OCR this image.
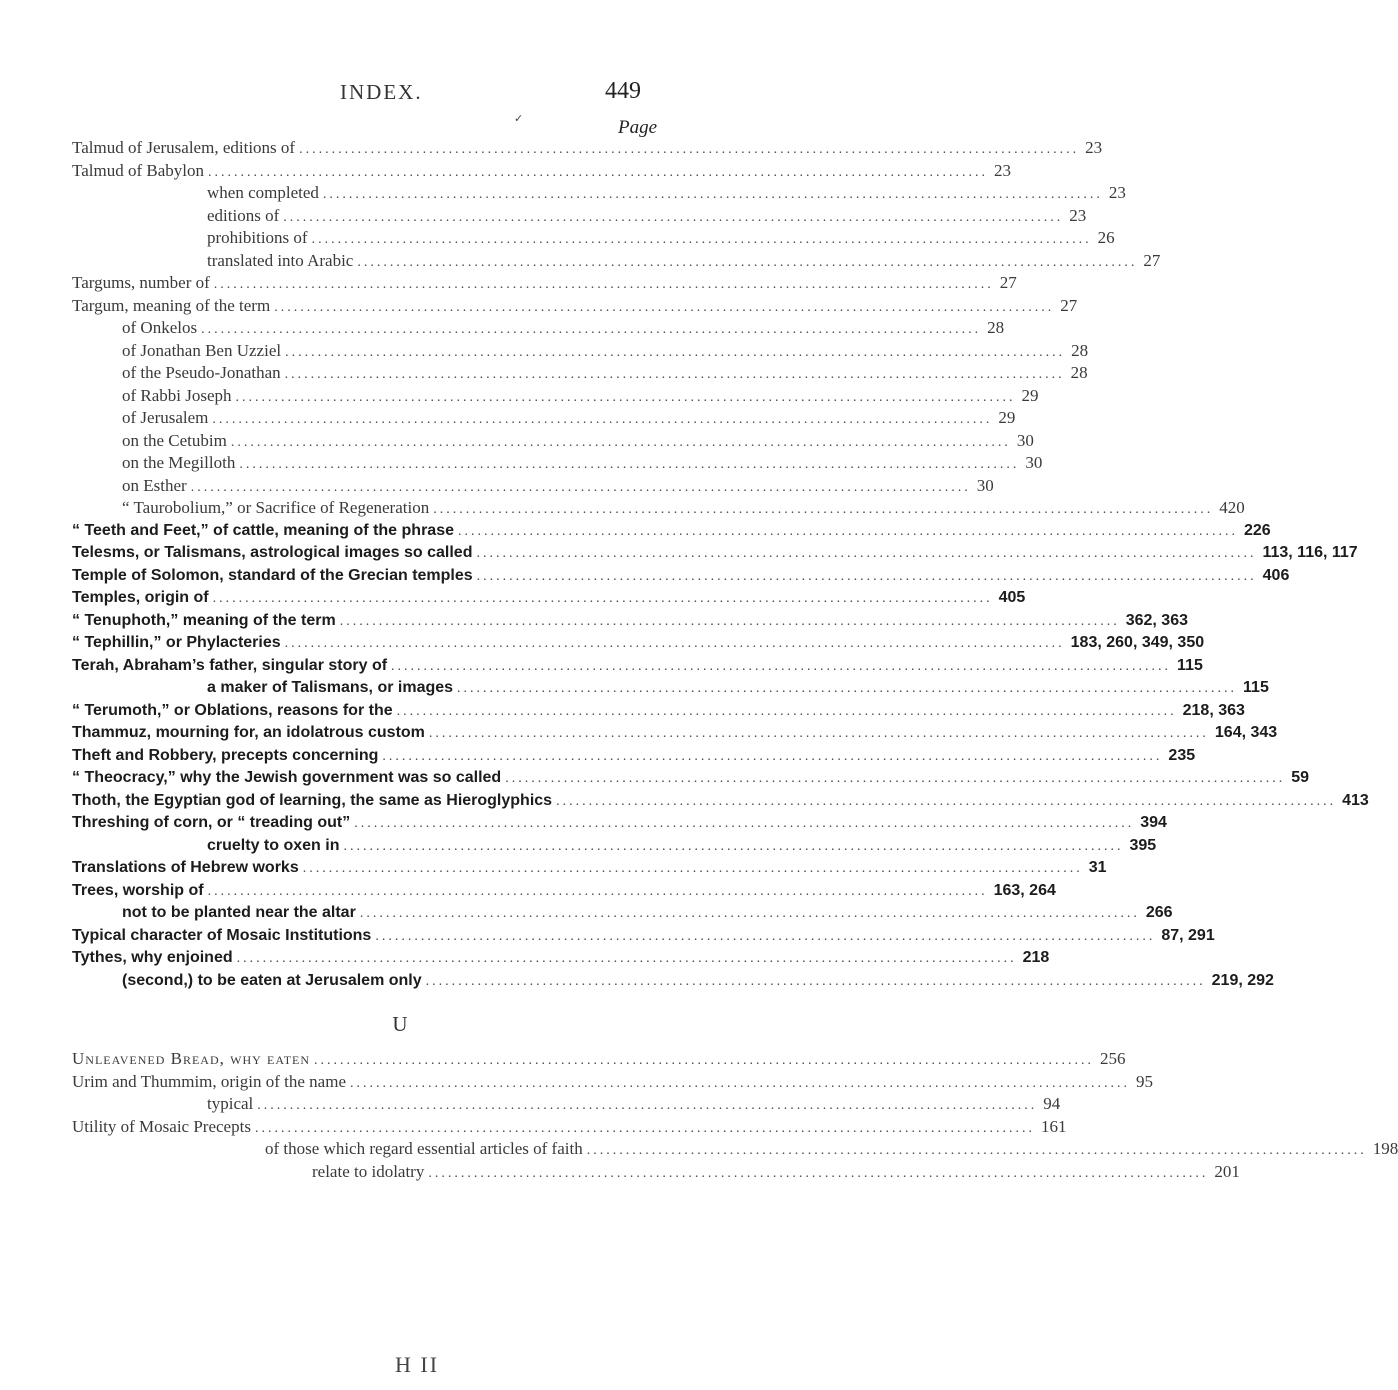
INDEX.	449
✓	Page
Talmud of Jerusalem, editions of ........................................................................................................................ 23
Talmud of Babylon ........................................................................................................................ 23
when completed ........................................................................................................................ 23
editions of ........................................................................................................................ 23
prohibitions of ........................................................................................................................ 26
translated into Arabic ........................................................................................................................ 27
Targums, number of ........................................................................................................................ 27
Targum, meaning of the term ........................................................................................................................ 27
of Onkelos ........................................................................................................................ 28
of Jonathan Ben Uzziel ........................................................................................................................ 28
of the Pseudo-Jonathan ........................................................................................................................ 28
of Rabbi Joseph ........................................................................................................................ 29
of Jerusalem ........................................................................................................................ 29
on the Cetubim ........................................................................................................................ 30
on the Megilloth ........................................................................................................................ 30
on Esther ........................................................................................................................ 30
“ Taurobolium,” or Sacrifice of Regeneration ........................................................................................................................ 420
“ Teeth and Feet,” of cattle, meaning of the phrase ........................................................................................................................ 226
Telesms, or Talismans, astrological images so called ........................................................................................................................ 113, 116, 117
Temple of Solomon, standard of the Grecian temples ........................................................................................................................ 406
Temples, origin of ........................................................................................................................ 405
“ Tenuphoth,” meaning of the term ........................................................................................................................ 362, 363
“ Tephillin,” or Phylacteries ........................................................................................................................ 183, 260, 349, 350
Terah, Abraham’s father, singular story of ........................................................................................................................ 115
a maker of Talismans, or images ........................................................................................................................ 115
“ Terumoth,” or Oblations, reasons for the ........................................................................................................................ 218, 363
Thammuz, mourning for, an idolatrous custom ........................................................................................................................ 164, 343
Theft and Robbery, precepts concerning ........................................................................................................................ 235
“ Theocracy,” why the Jewish government was so called ........................................................................................................................ 59
Thoth, the Egyptian god of learning, the same as Hieroglyphics ........................................................................................................................ 413
Threshing of corn, or “ treading out” ........................................................................................................................ 394
cruelty to oxen in ........................................................................................................................ 395
Translations of Hebrew works ........................................................................................................................ 31
Trees, worship of ........................................................................................................................ 163, 264
not to be planted near the altar ........................................................................................................................ 266
Typical character of Mosaic Institutions ........................................................................................................................ 87, 291
Tythes, why enjoined ........................................................................................................................ 218
(second,) to be eaten at Jerusalem only ........................................................................................................................ 219, 292
U
Unleavened Bread, why eaten ........................................................................................................................ 256
Urim and Thummim, origin of the name ........................................................................................................................ 95
typical ........................................................................................................................ 94
Utility of Mosaic Precepts ........................................................................................................................ 161
of those which regard essential articles of faith ........................................................................................................................ 198
relate to idolatry ........................................................................................................................ 201
H II
